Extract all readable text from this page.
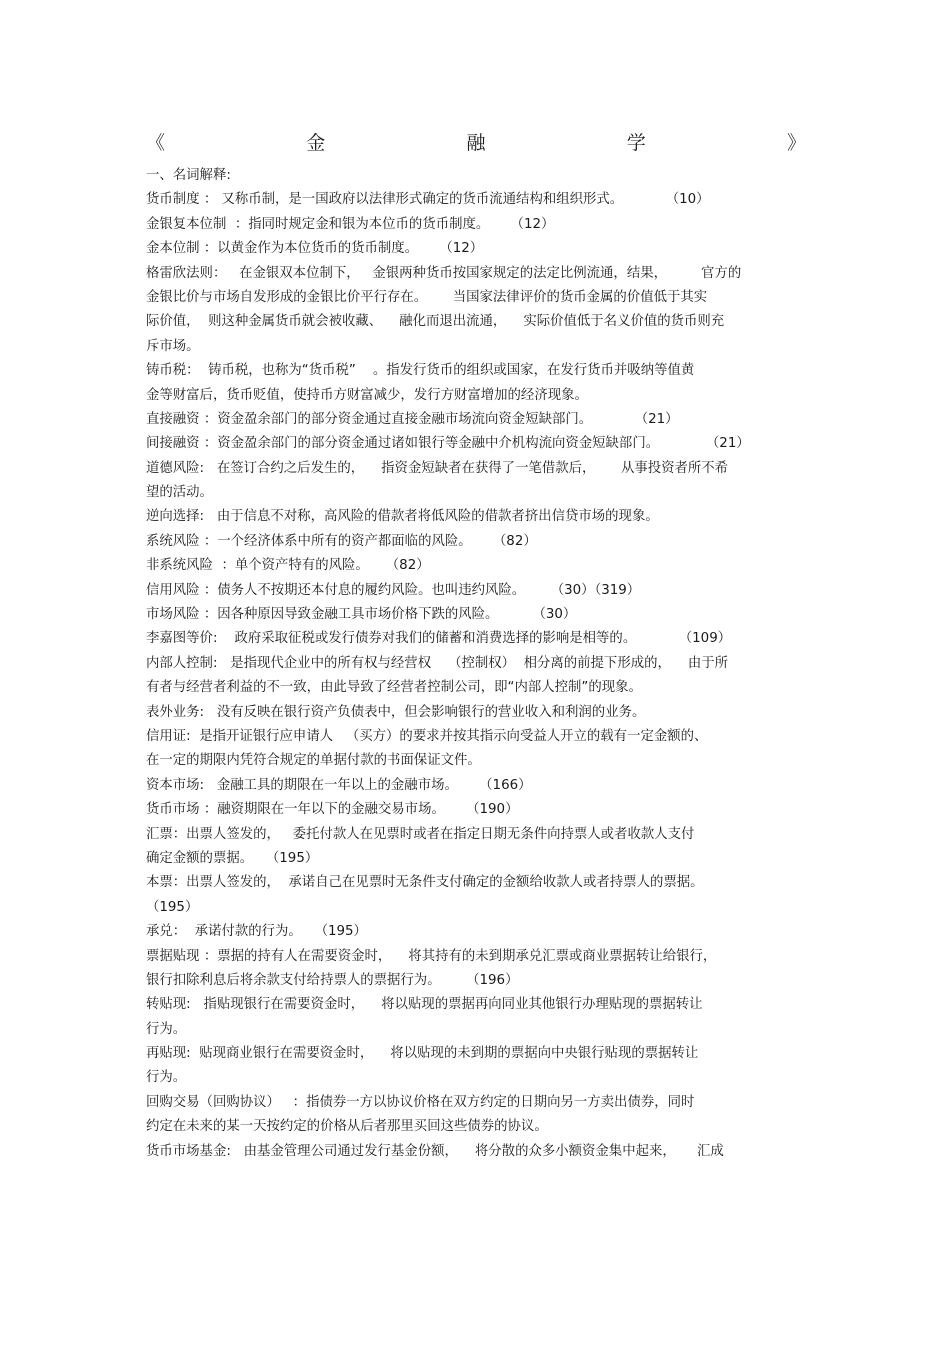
《	金	融	学	》
一、名词解释:
货币制度 ： 又称币制，是一国政府以法律形式确定的货币流通结构和组织形式。          （10）
金银复本位制  ：指同时规定金和银为本位币的货币制度。     （12）
金本位制 ：以黄金作为本位货币的货币制度。     （12）
格雷欣法则：   在金银双本位制下，   金银两种货币按国家规定的法定比例流通，结果，        官方的
金银比价与市场自发形成的金银比价平行存在。      当国家法律评价的货币金属的价值低于其实
际价值，  则这种金属货币就会被收藏、    融化而退出流通，    实际价值低于名义价值的货币则充
斥市场。
铸币税：  铸币税，也称为“货币税”    。指发行货币的组织或国家，在发行货币并吸纳等值黄
金等财富后，货币贬值，使持币方财富减少，发行方财富增加的经济现象。
直接融资 ：资金盈余部门的部分资金通过直接金融市场流向资金短缺部门。          （21）
间接融资 ：资金盈余部门的部分资金通过诸如银行等金融中介机构流向资金短缺部门。           （21）
道德风险:   在签订合约之后发生的，    指资金短缺者在获得了一笔借款后，      从事投资者所不希
望的活动。
逆向选择:   由于信息不对称，高风险的借款者将低风险的借款者挤出信贷市场的现象。
系统风险 ：一个经济体系中所有的资产都面临的风险。     （82）
非系统风险  ：单个资产特有的风险。    （82）
信用风险 ：债务人不按期还本付息的履约风险。也叫违约风险。      （30）（319）
市场风险 ：因各种原因导致金融工具市场价格下跌的风险。        （30）
李嘉图等价:    政府采取征税或发行债券对我们的储蓄和消费选择的影响是相等的。          （109）
内部人控制:   是指现代企业中的所有权与经营权    （控制权）  相分离的前提下形成的，    由于所
有者与经营者利益的不一致，由此导致了经营者控制公司，即“内部人控制”的现象。
表外业务:   没有反映在银行资产负债表中，但会影响银行的营业收入和利润的业务。
信用证:  是指开证银行应申请人   （买方）的要求并按其指示向受益人开立的载有一定金额的、
在一定的期限内凭符合规定的单据付款的书面保证文件。
资本市场:   金融工具的期限在一年以上的金融市场。     （166）
货币市场 ：融资期限在一年以下的金融交易市场。     （190）
汇票：出票人签发的，   委托付款人在见票时或者在指定日期无条件向持票人或者收款人支付
确定金额的票据。   （195）
本票：出票人签发的，  承诺自己在见票时无条件支付确定的金额给收款人或者持票人的票据。
（195）
承兑：  承诺付款的行为。   （195）
票据贴现 ：票据的持有人在需要资金时，    将其持有的未到期承兑汇票或商业票据转让给银行，
银行扣除利息后将余款支付给持票人的票据行为。      （196）
转贴现:   指贴现银行在需要资金时，    将以贴现的票据再向同业其他银行办理贴现的票据转让
行为。
再贴现:  贴现商业银行在需要资金时，    将以贴现的未到期的票据向中央银行贴现的票据转让
行为。
回购交易（回购协议）   ：指债券一方以协议价格在双方约定的日期向另一方卖出债券，同时
约定在未来的某一天按约定的价格从后者那里买回这些债券的协议。
货币市场基金:   由基金管理公司通过发行基金份额，    将分散的众多小额资金集中起来，     汇成
